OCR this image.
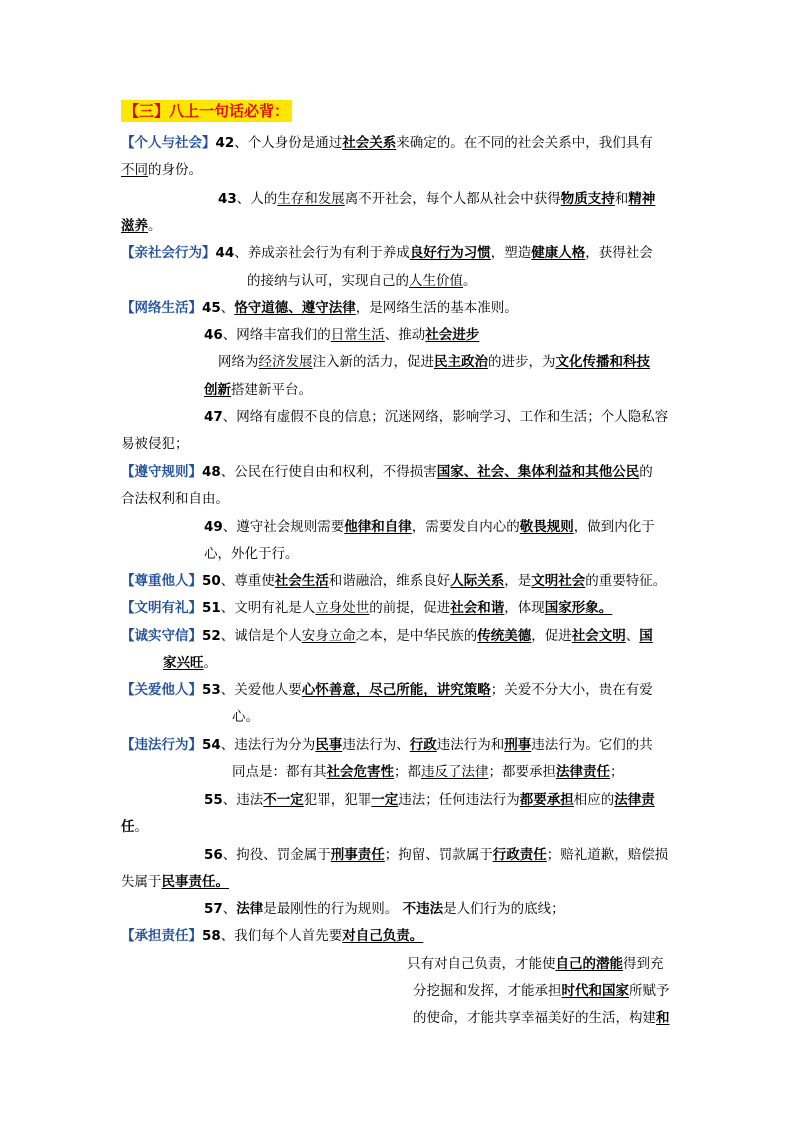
【三】八上一句话必背：
【个人与社会】42、个人身份是通过社会关系来确定的。在不同的社会关系中，我们具有
不同的身份。
43、人的生存和发展离不开社会，每个人都从社会中获得物质支持和精神
滋养。
【亲社会行为】44、养成亲社会行为有利于养成良好行为习惯，塑造健康人格，获得社会
的接纳与认可，实现自己的人生价值。
【网络生活】45、恪守道德、遵守法律，是网络生活的基本准则。
46、网络丰富我们的日常生活、推动社会进步
网络为经济发展注入新的活力，促进民主政治的进步，为文化传播和科技
创新搭建新平台。
47、网络有虚假不良的信息；沉迷网络，影响学习、工作和生活；个人隐私容
易被侵犯；
【遵守规则】48、公民在行使自由和权利，不得损害国家、社会、集体利益和其他公民的
合法权利和自由。
49、遵守社会规则需要他律和自律，需要发自内心的敬畏规则，做到内化于
心，外化于行。
【尊重他人】50、尊重使社会生活和谐融洽，维系良好人际关系，是文明社会的重要特征。
【文明有礼】51、文明有礼是人立身处世的前提，促进社会和谐，体现国家形象。
【诚实守信】52、诚信是个人安身立命之本，是中华民族的传统美德，促进社会文明、国
家兴旺。
【关爱他人】53、关爱他人要心怀善意，尽己所能，讲究策略；关爱不分大小，贵在有爱
心。
【违法行为】54、违法行为分为民事违法行为、行政违法行为和刑事违法行为。它们的共
同点是：都有其社会危害性；都违反了法律；都要承担法律责任；
55、违法不一定犯罪，犯罪一定违法；任何违法行为都要承担相应的法律责
任。
56、拘役、罚金属于刑事责任；拘留、罚款属于行政责任；赔礼道歉，赔偿损
失属于民事责任。
57、法律是最刚性的行为规则。 不违法是人们行为的底线；
【承担责任】58、我们每个人首先要对自己负责。
只有对自己负责，才能使自己的潜能得到充
分挖掘和发挥，才能承担时代和国家所赋予
的使命，才能共享幸福美好的生活，构建和
